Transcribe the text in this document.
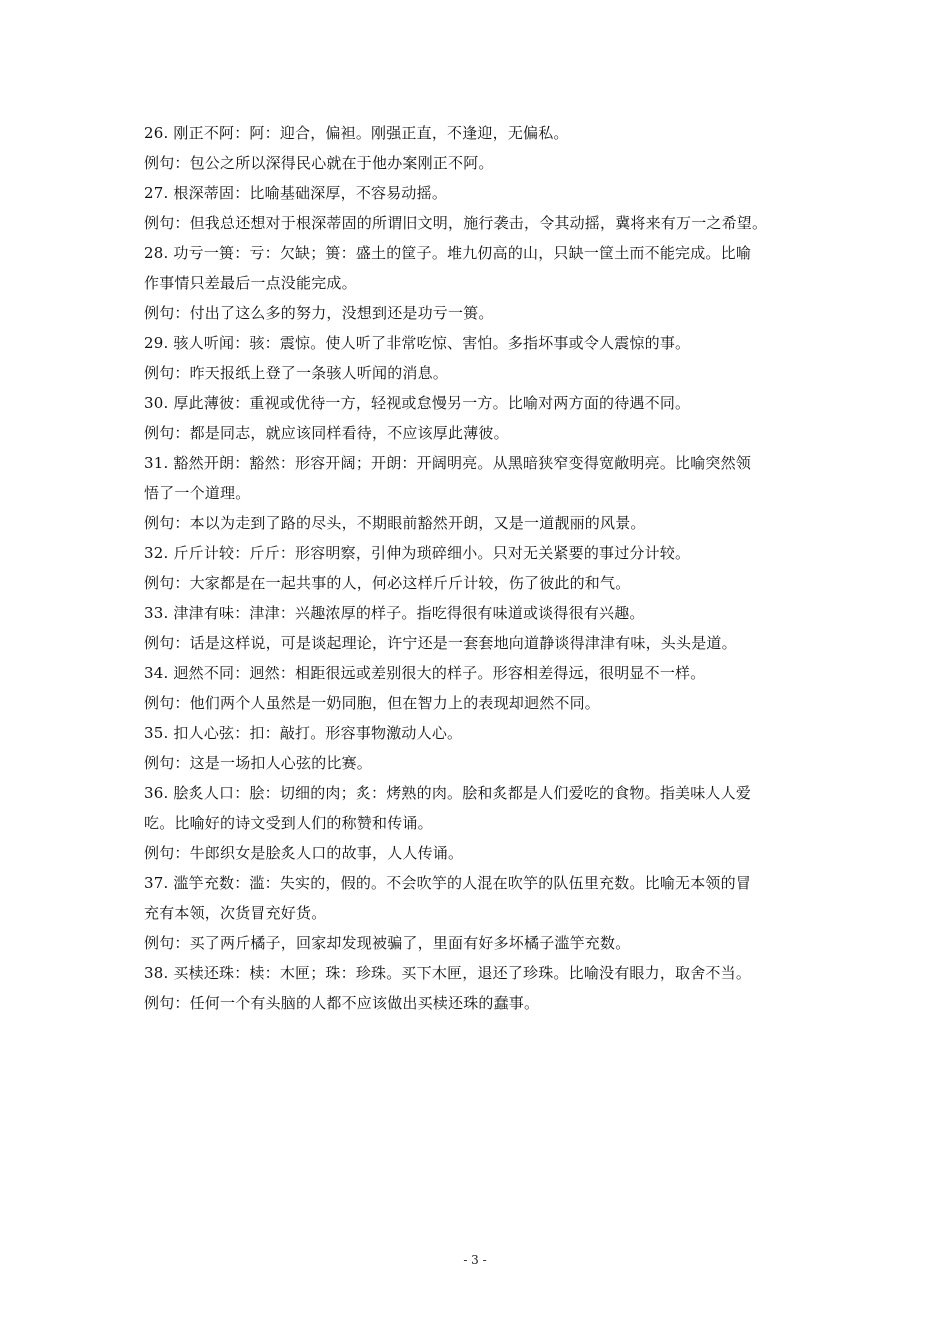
26. 刚正不阿：阿：迎合，偏袒。刚强正直，不逢迎，无偏私。
例句：包公之所以深得民心就在于他办案刚正不阿。
27. 根深蒂固：比喻基础深厚，不容易动摇。
例句：但我总还想对于根深蒂固的所谓旧文明，施行袭击，令其动摇，冀将来有万一之希望。
28. 功亏一篑：亏：欠缺；篑：盛土的筐子。堆九仞高的山，只缺一筐土而不能完成。比喻
作事情只差最后一点没能完成。
例句：付出了这么多的努力，没想到还是功亏一篑。
29. 骇人听闻：骇：震惊。使人听了非常吃惊、害怕。多指坏事或令人震惊的事。
例句：昨天报纸上登了一条骇人听闻的消息。
30. 厚此薄彼：重视或优待一方，轻视或怠慢另一方。比喻对两方面的待遇不同。
例句：都是同志，就应该同样看待，不应该厚此薄彼。
31. 豁然开朗：豁然：形容开阔；开朗：开阔明亮。从黑暗狭窄变得宽敞明亮。比喻突然领
悟了一个道理。
例句：本以为走到了路的尽头，不期眼前豁然开朗，又是一道靓丽的风景。
32. 斤斤计较：斤斤：形容明察，引伸为琐碎细小。只对无关紧要的事过分计较。
例句：大家都是在一起共事的人，何必这样斤斤计较，伤了彼此的和气。
33. 津津有味：津津：兴趣浓厚的样子。指吃得很有味道或谈得很有兴趣。
例句：话是这样说，可是谈起理论，许宁还是一套套地向道静谈得津津有味，头头是道。
34. 迥然不同：迥然：相距很远或差别很大的样子。形容相差得远，很明显不一样。
例句：他们两个人虽然是一奶同胞，但在智力上的表现却迥然不同。
35. 扣人心弦：扣：敲打。形容事物激动人心。
例句：这是一场扣人心弦的比赛。
36. 脍炙人口：脍：切细的肉；炙：烤熟的肉。脍和炙都是人们爱吃的食物。指美味人人爱
吃。比喻好的诗文受到人们的称赞和传诵。
例句：牛郎织女是脍炙人口的故事，人人传诵。
37. 滥竽充数：滥：失实的，假的。不会吹竽的人混在吹竽的队伍里充数。比喻无本领的冒
充有本领，次货冒充好货。
例句：买了两斤橘子，回家却发现被骗了，里面有好多坏橘子滥竽充数。
38. 买椟还珠：椟：木匣；珠：珍珠。买下木匣，退还了珍珠。比喻没有眼力，取舍不当。
例句：任何一个有头脑的人都不应该做出买椟还珠的蠢事。
- 3 -
